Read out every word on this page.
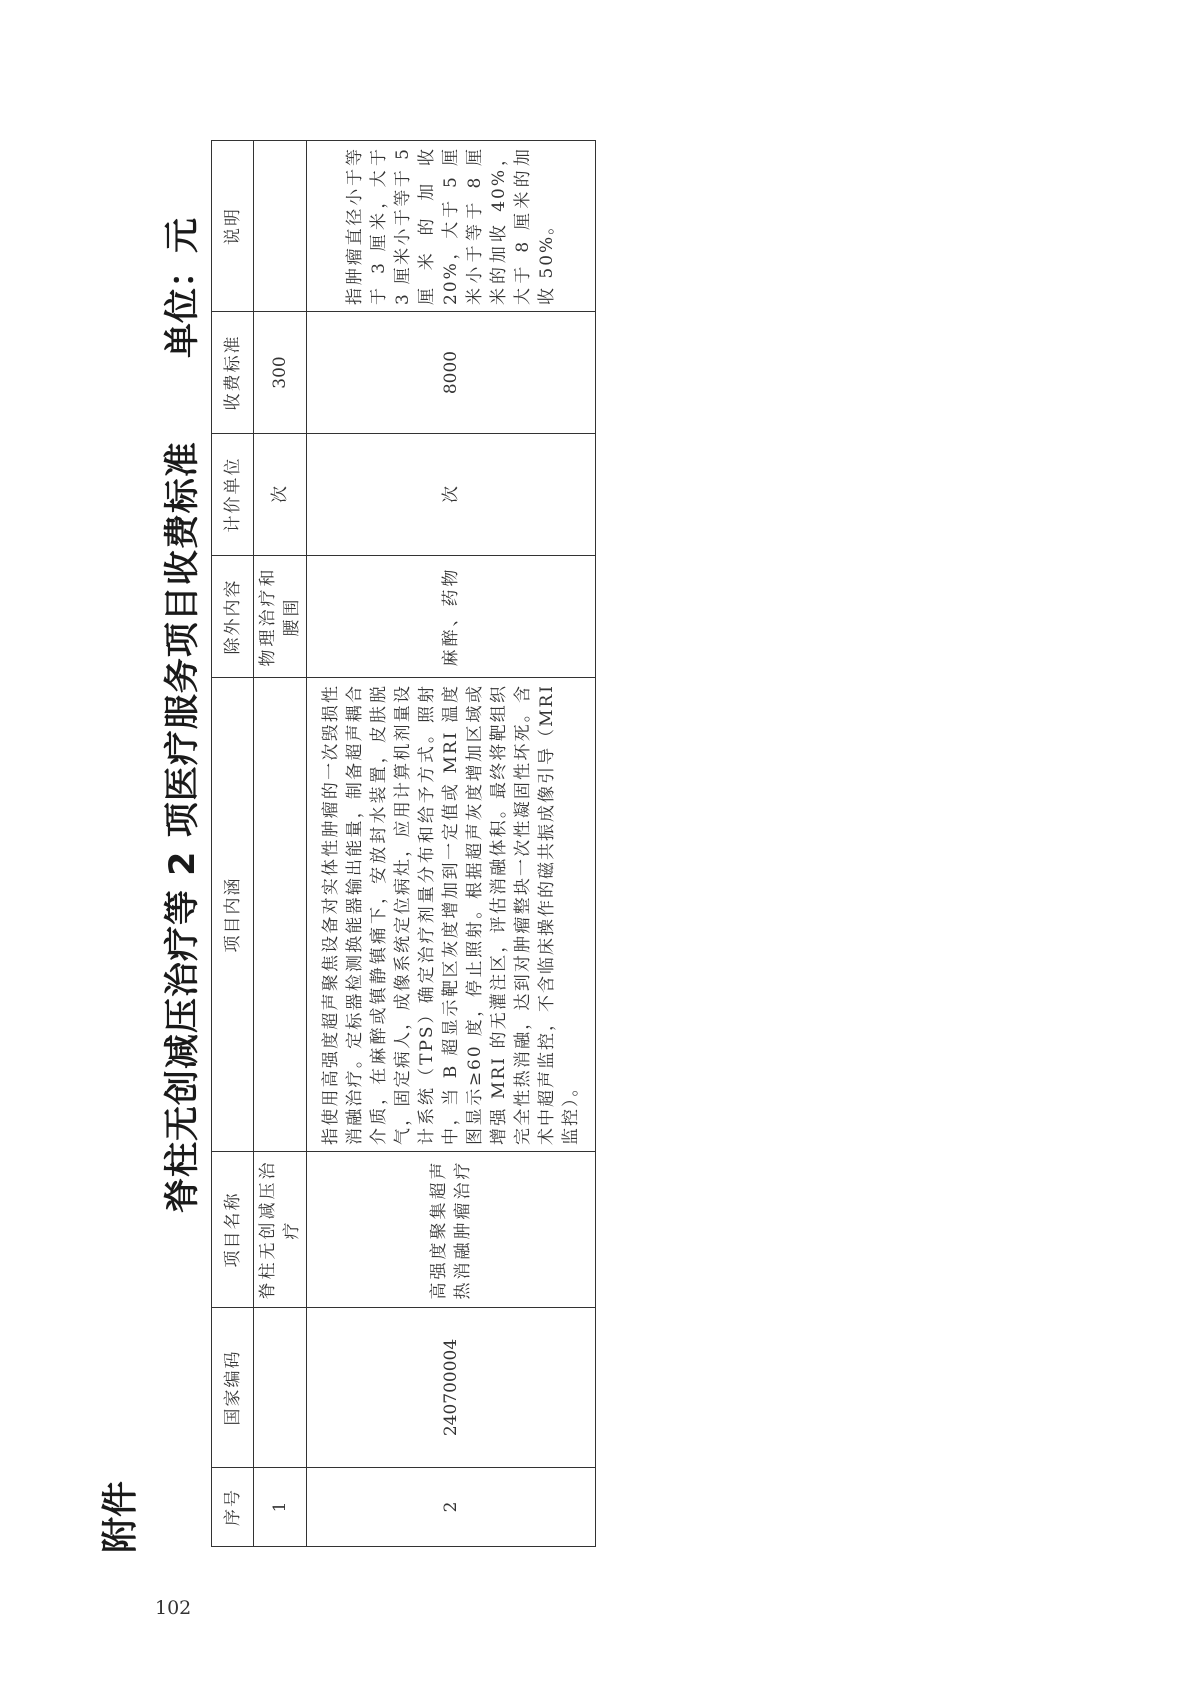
附件
脊柱无创减压治疗等 2 项医疗服务项目收费标准
单位：元
序号	国家编码	项目名称	项目内涵	除外内容	计价单位	收费标准	说明
1		脊柱无创减压治疗		物理治疗和腰围	次	300	
2	240700004	高强度聚集超声热消融肿瘤治疗	指使用高强度超声聚焦设备对实体性肿瘤的一次毁损性消融治疗。定标器检测换能器输出能量，制备超声耦合介质，在麻醉或镇静镇痛下，安放封水装置，皮肤脱气，固定病人，成像系统定位病灶，应用计算机剂量设计系统（TPS）确定治疗剂量分布和给予方式。照射中，当 B 超显示靶区灰度增加到一定值或 MRI 温度图显示≥60 度，停止照射。根据超声灰度增加区域或增强 MRI 的无灌注区，评估消融体积。最终将靶组织完全性热消融，达到对肿瘤整块一次性凝固性坏死。含术中超声监控，不含临床操作的磁共振成像引导（MRI 监控）。	麻醉、药物	次	8000	指肿瘤直径小于等于 3 厘米，大于 3 厘米小于等于 5 厘米的加收 20%，大于 5 厘米小于等于 8 厘米的加收 40%，大于 8 厘米的加收 50%。
102
